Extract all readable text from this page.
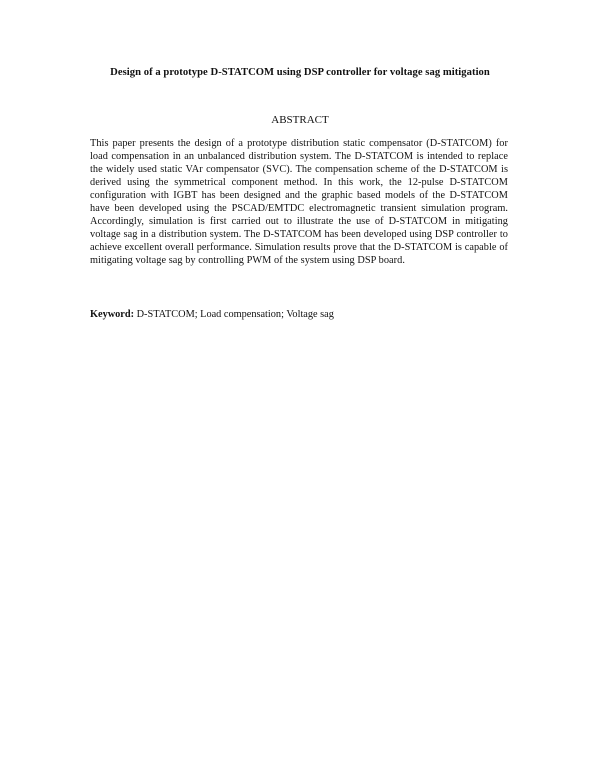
Design of a prototype D-STATCOM using DSP controller for voltage sag mitigation
ABSTRACT

This paper presents the design of a prototype distribution static compensator (D-STATCOM) for load compensation in an unbalanced distribution system. The D-STATCOM is intended to replace the widely used static VAr compensator (SVC). The compensation scheme of the D-STATCOM is derived using the symmetrical component method. In this work, the 12-pulse D-STATCOM configuration with IGBT has been designed and the graphic based models of the D-STATCOM have been developed using the PSCAD/EMTDC electromagnetic transient simulation program. Accordingly, simulation is first carried out to illustrate the use of D-STATCOM in mitigating voltage sag in a distribution system. The D-STATCOM has been developed using DSP controller to achieve excellent overall performance. Simulation results prove that the D-STATCOM is capable of mitigating voltage sag by controlling PWM of the system using DSP board.

Keyword: D-STATCOM; Load compensation; Voltage sag
